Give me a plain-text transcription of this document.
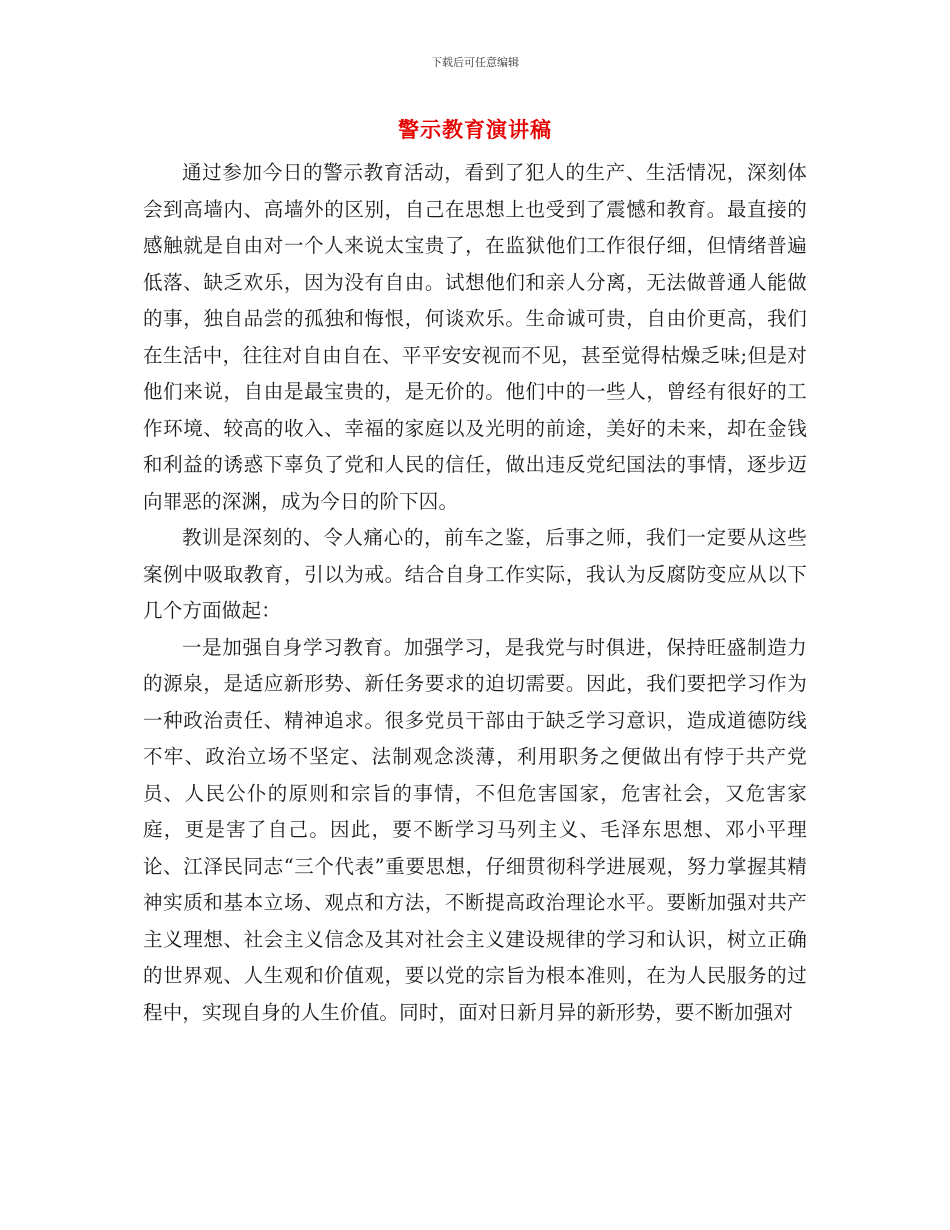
下载后可任意编辑
警示教育演讲稿

通过参加今日的警示教育活动，看到了犯人的生产、生活情况，深刻体会到高墙内、高墙外的区别，自己在思想上也受到了震憾和教育。最直接的感触就是自由对一个人来说太宝贵了，在监狱他们工作很仔细，但情绪普遍低落、缺乏欢乐，因为没有自由。试想他们和亲人分离，无法做普通人能做的事，独自品尝的孤独和悔恨，何谈欢乐。生命诚可贵，自由价更高，我们在生活中，往往对自由自在、平平安安视而不见，甚至觉得枯燥乏味;但是对他们来说，自由是最宝贵的，是无价的。他们中的一些人，曾经有很好的工作环境、较高的收入、幸福的家庭以及光明的前途，美好的未来，却在金钱和利益的诱惑下辜负了党和人民的信任，做出违反党纪国法的事情，逐步迈向罪恶的深渊，成为今日的阶下囚。

教训是深刻的、令人痛心的，前车之鉴，后事之师，我们一定要从这些案例中吸取教育，引以为戒。结合自身工作实际，我认为反腐防变应从以下几个方面做起：

一是加强自身学习教育。加强学习，是我党与时俱进，保持旺盛制造力的源泉，是适应新形势、新任务要求的迫切需要。因此，我们要把学习作为一种政治责任、精神追求。很多党员干部由于缺乏学习意识，造成道德防线不牢、政治立场不坚定、法制观念淡薄，利用职务之便做出有悖于共产党员、人民公仆的原则和宗旨的事情，不但危害国家，危害社会，又危害家庭，更是害了自己。因此，要不断学习马列主义、毛泽东思想、邓小平理论、江泽民同志“三个代表”重要思想，仔细贯彻科学进展观，努力掌握其精神实质和基本立场、观点和方法，不断提高政治理论水平。要断加强对共产主义理想、社会主义信念及其对社会主义建设规律的学习和认识，树立正确的世界观、人生观和价值观，要以党的宗旨为根本准则，在为人民服务的过程中，实现自身的人生价值。同时，面对日新月异的新形势，要不断加强对
